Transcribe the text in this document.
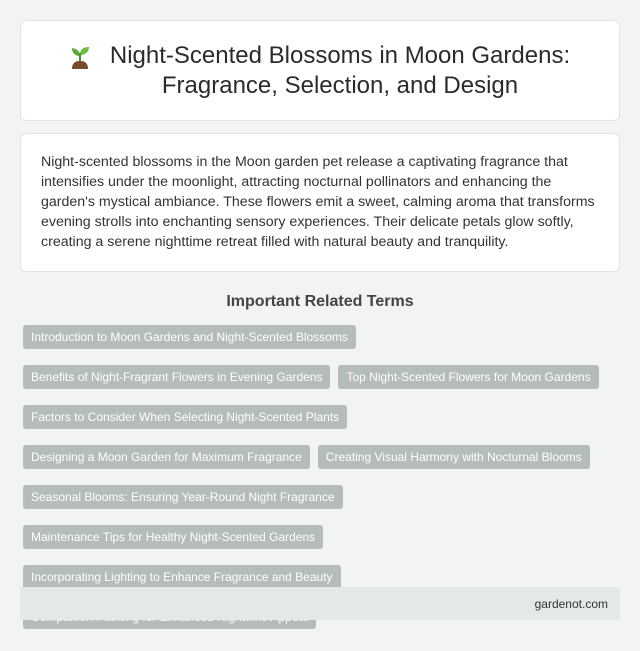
Night-Scented Blossoms in Moon Gardens: Fragrance, Selection, and Design

Night-scented blossoms in the Moon garden pet release a captivating fragrance that intensifies under the moonlight, attracting nocturnal pollinators and enhancing the garden's mystical ambiance. These flowers emit a sweet, calming aroma that transforms evening strolls into enchanting sensory experiences. Their delicate petals glow softly, creating a serene nighttime retreat filled with natural beauty and tranquility.

Important Related Terms
Introduction to Moon Gardens and Night-Scented Blossoms
Benefits of Night-Fragrant Flowers in Evening Gardens	Top Night-Scented Flowers for Moon Gardens
Factors to Consider When Selecting Night-Scented Plants
Designing a Moon Garden for Maximum Fragrance	Creating Visual Harmony with Nocturnal Blooms
Seasonal Blooms: Ensuring Year-Round Night Fragrance
Maintenance Tips for Healthy Night-Scented Gardens
Incorporating Lighting to Enhance Fragrance and Beauty
gardenot.com
